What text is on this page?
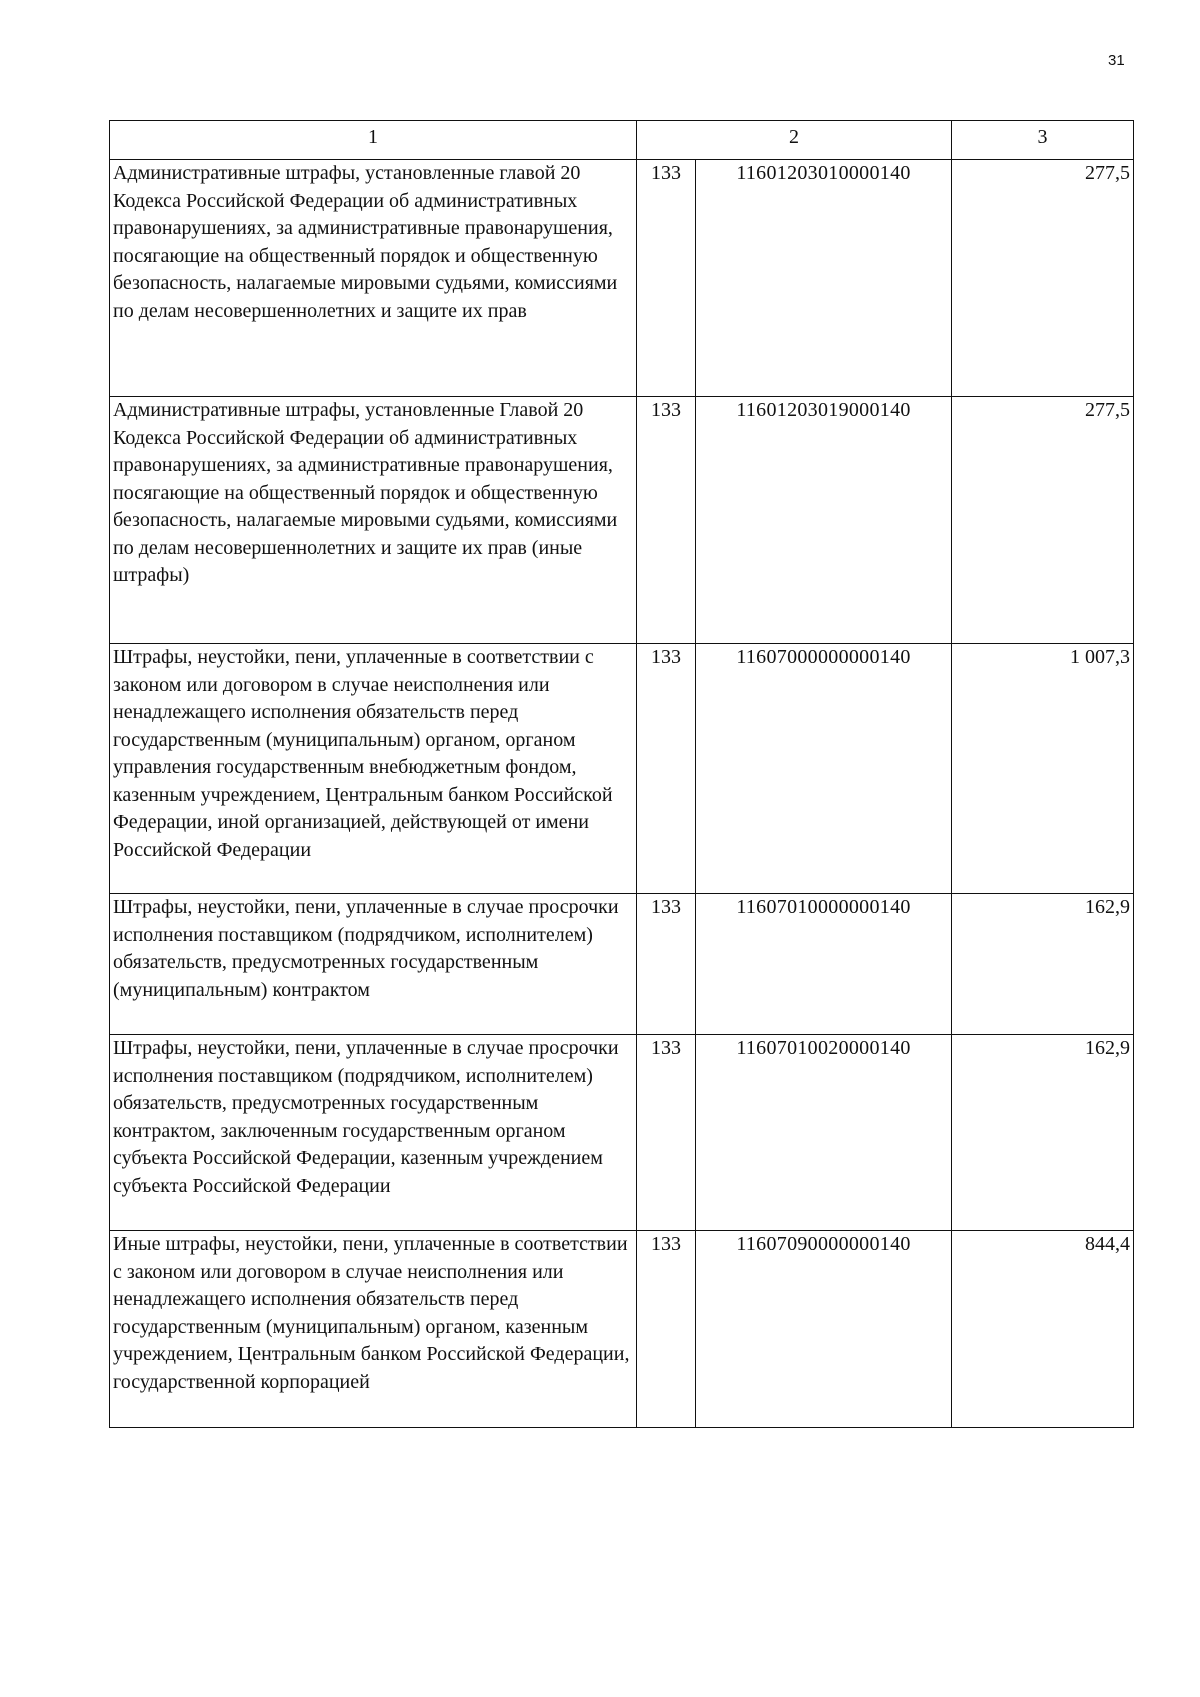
31
1	2		3
Административные штрафы, установленные главой 20 Кодекса Российской Федерации об административных правонарушениях, за административные правонарушения, посягающие на общественный порядок и общественную безопасность, налагаемые мировыми судьями, комиссиями по делам несовершеннолетних и защите их прав	133	11601203010000140	277,5
Административные штрафы, установленные Главой 20 Кодекса Российской Федерации об административных правонарушениях, за административные правонарушения, посягающие на общественный порядок и общественную безопасность, налагаемые мировыми судьями, комиссиями по делам несовершеннолетних и защите их прав (иные штрафы)	133	11601203019000140	277,5
Штрафы, неустойки, пени, уплаченные в соответствии с законом или договором в случае неисполнения или ненадлежащего исполнения обязательств перед государственным (муниципальным) органом, органом управления государственным внебюджетным фондом, казенным учреждением, Центральным банком Российской Федерации, иной организацией, действующей от имени Российской Федерации	133	11607000000000140	1 007,3
Штрафы, неустойки, пени, уплаченные в случае просрочки исполнения поставщиком (подрядчиком, исполнителем) обязательств, предусмотренных государственным (муниципальным) контрактом	133	11607010000000140	162,9
Штрафы, неустойки, пени, уплаченные в случае просрочки исполнения поставщиком (подрядчиком, исполнителем) обязательств, предусмотренных государственным контрактом, заключенным государственным органом субъекта Российской Федерации, казенным учреждением субъекта Российской Федерации	133	11607010020000140	162,9
Иные штрафы, неустойки, пени, уплаченные в соответствии с законом или договором в случае неисполнения или ненадлежащего исполнения обязательств перед государственным (муниципальным) органом, казенным учреждением, Центральным банком Российской Федерации, государственной корпорацией	133	11607090000000140	844,4
